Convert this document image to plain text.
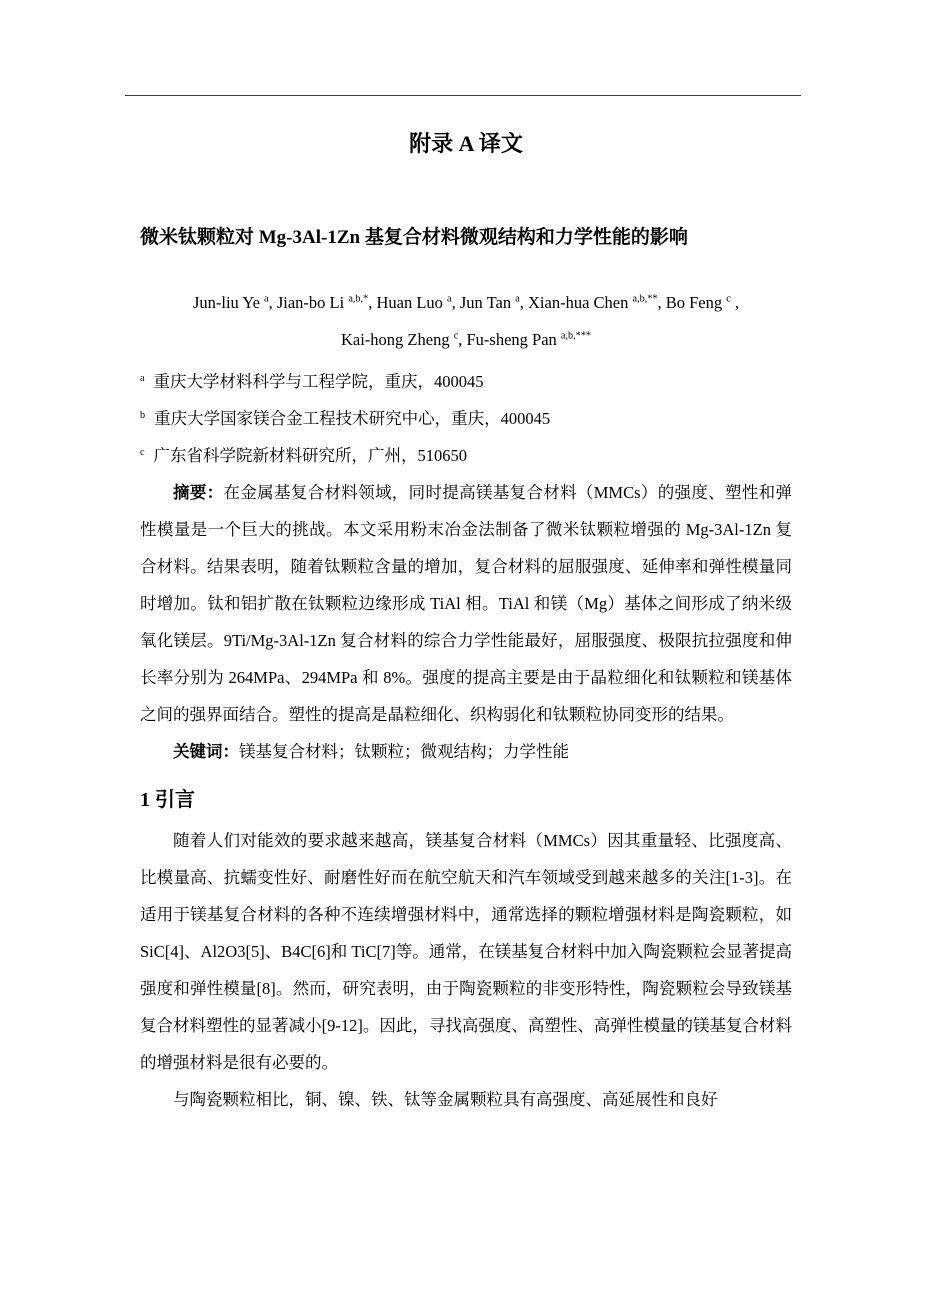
附录 A 译文
微米钛颗粒对 Mg-3Al-1Zn 基复合材料微观结构和力学性能的影响

Jun-liu Ye $^a$, Jian-bo Li $^{a,b,*}$, Huan Luo $^a$, Jun Tan $^a$, Xian-hua Chen $^{a,b,**}$, Bo Feng $^c$ ,

Kai-hong Zheng $^c$, Fu-sheng Pan $^{a,b,***}$

$^a$ 重庆大学材料科学与工程学院，重庆，400045

$^b$ 重庆大学国家镁合金工程技术研究中心，重庆，400045

$^c$ 广东省科学院新材料研究所，广州，510650

摘要：在金属基复合材料领域，同时提高镁基复合材料（MMCs）的强度、塑性和弹性模量是一个巨大的挑战。本文采用粉末冶金法制备了微米钛颗粒增强的 Mg-3Al-1Zn 复合材料。结果表明，随着钛颗粒含量的增加，复合材料的屈服强度、延伸率和弹性模量同时增加。钛和铝扩散在钛颗粒边缘形成 TiAl 相。TiAl 和镁（Mg）基体之间形成了纳米级氧化镁层。9Ti/Mg-3Al-1Zn 复合材料的综合力学性能最好，屈服强度、极限抗拉强度和伸长率分别为 264MPa、294MPa 和 8%。强度的提高主要是由于晶粒细化和钛颗粒和镁基体之间的强界面结合。塑性的提高是晶粒细化、织构弱化和钛颗粒协同变形的结果。

关键词：镁基复合材料；钛颗粒；微观结构；力学性能

1 引言

随着人们对能效的要求越来越高，镁基复合材料（MMCs）因其重量轻、比强度高、比模量高、抗蠕变性好、耐磨性好而在航空航天和汽车领域受到越来越多的关注[1-3]。在适用于镁基复合材料的各种不连续增强材料中，通常选择的颗粒增强材料是陶瓷颗粒，如 SiC[4]、Al2O3[5]、B4C[6]和 TiC[7]等。通常，在镁基复合材料中加入陶瓷颗粒会显著提高强度和弹性模量[8]。然而，研究表明，由于陶瓷颗粒的非变形特性，陶瓷颗粒会导致镁基复合材料塑性的显著减小[9-12]。因此，寻找高强度、高塑性、高弹性模量的镁基复合材料的增强材料是很有必要的。

与陶瓷颗粒相比，铜、镍、铁、钛等金属颗粒具有高强度、高延展性和良好
